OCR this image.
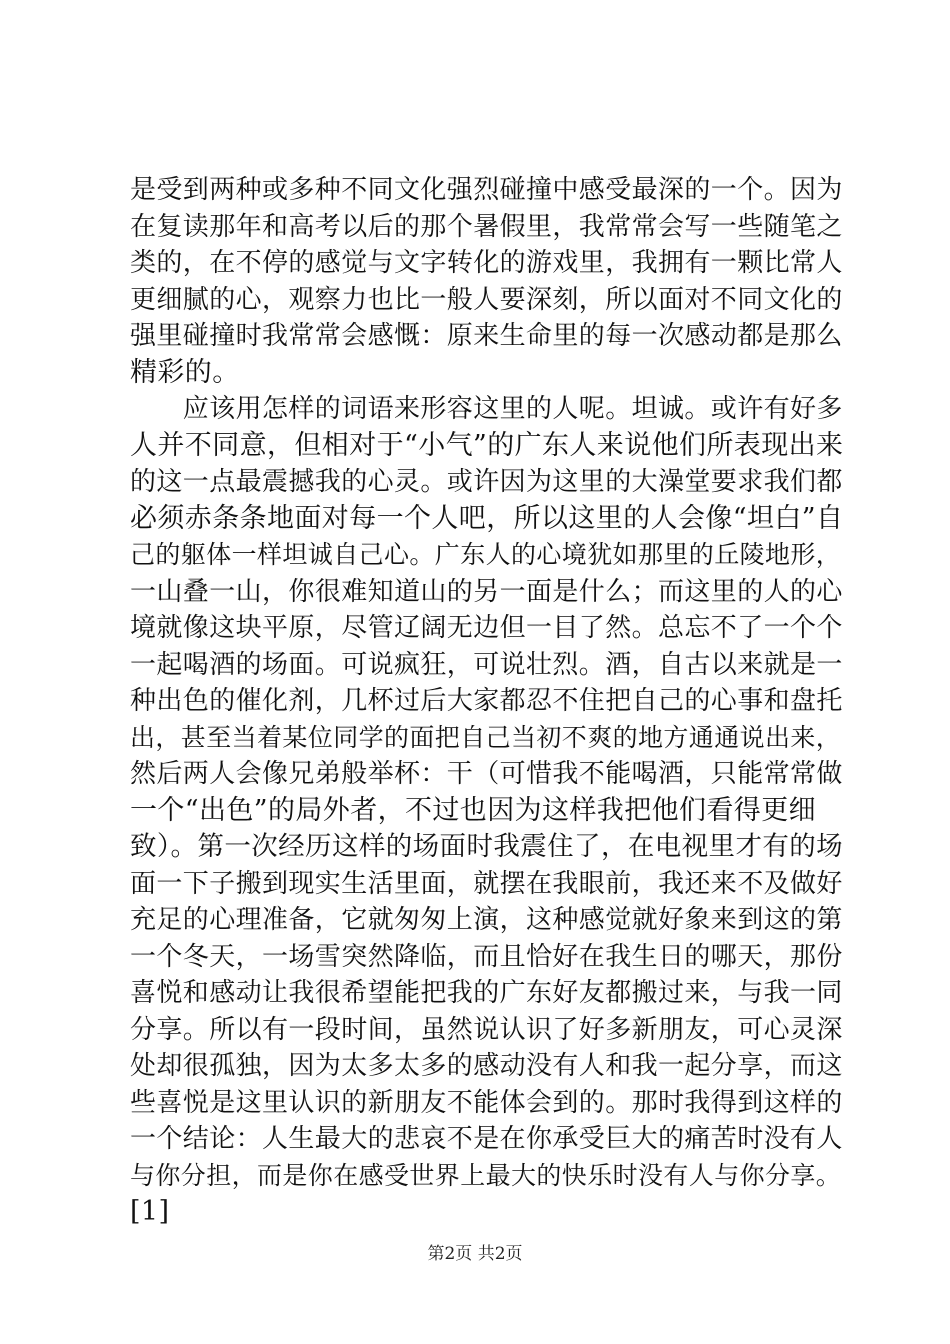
是受到两种或多种不同文化强烈碰撞中感受最深的一个。因为
在复读那年和高考以后的那个暑假里，我常常会写一些随笔之
类的，在不停的感觉与文字转化的游戏里，我拥有一颗比常人
更细腻的心，观察力也比一般人要深刻，所以面对不同文化的
强里碰撞时我常常会感慨：原来生命里的每一次感动都是那么
精彩的。
　　应该用怎样的词语来形容这里的人呢。坦诚。或许有好多
人并不同意，但相对于“小气”的广东人来说他们所表现出来
的这一点最震撼我的心灵。或许因为这里的大澡堂要求我们都
必须赤条条地面对每一个人吧，所以这里的人会像“坦白”自
己的躯体一样坦诚自己心。广东人的心境犹如那里的丘陵地形，
一山叠一山，你很难知道山的另一面是什么；而这里的人的心
境就像这块平原，尽管辽阔无边但一目了然。总忘不了一个个
一起喝酒的场面。可说疯狂，可说壮烈。酒，自古以来就是一
种出色的催化剂，几杯过后大家都忍不住把自己的心事和盘托
出，甚至当着某位同学的面把自己当初不爽的地方通通说出来，
然后两人会像兄弟般举杯：干（可惜我不能喝酒，只能常常做
一个“出色”的局外者，不过也因为这样我把他们看得更细
致）。第一次经历这样的场面时我震住了，在电视里才有的场
面一下子搬到现实生活里面，就摆在我眼前，我还来不及做好
充足的心理准备，它就匆匆上演，这种感觉就好象来到这的第
一个冬天，一场雪突然降临，而且恰好在我生日的哪天，那份
喜悦和感动让我很希望能把我的广东好友都搬过来，与我一同
分享。所以有一段时间，虽然说认识了好多新朋友，可心灵深
处却很孤独，因为太多太多的感动没有人和我一起分享，而这
些喜悦是这里认识的新朋友不能体会到的。那时我得到这样的
一个结论：人生最大的悲哀不是在你承受巨大的痛苦时没有人
与你分担，而是你在感受世界上最大的快乐时没有人与你分享。
[1]
第2页 共2页
